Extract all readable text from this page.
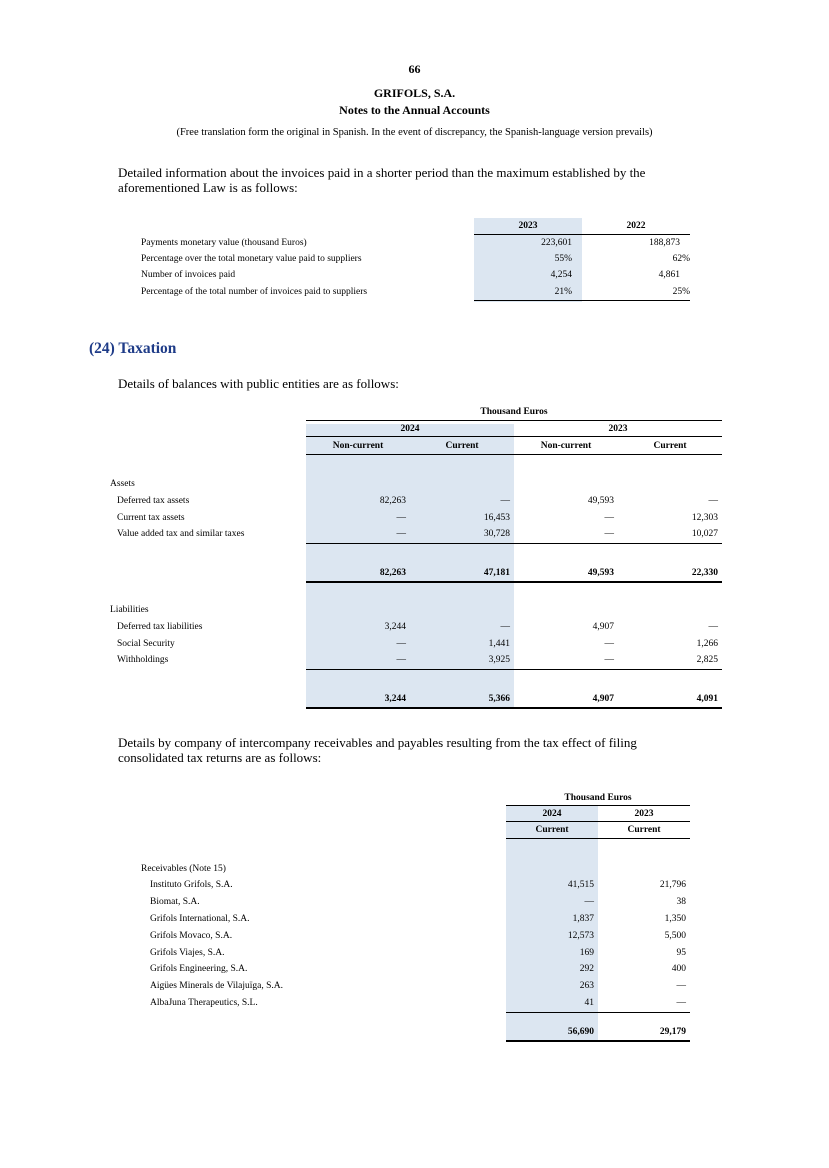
66
GRIFOLS, S.A.
Notes to the Annual Accounts
(Free translation form the original in Spanish. In the event of discrepancy, the Spanish-language version prevails)
Detailed information about the invoices paid in a shorter period than the maximum established by the
aforementioned Law is as follows:
2023	2022
Payments monetary value (thousand Euros)	223,601	188,873
Percentage over the total monetary value paid to suppliers	55%	62%
Number of invoices paid	4,254	4,861
Percentage of the total number of invoices paid to suppliers	21%	25%
(24) Taxation
Details of balances with public entities are as follows:
Thousand Euros
2024	2023
Non-current	Current	Non-current	Current
Assets
Deferred tax assets	82,263	—	49,593	—
Current tax assets	—	16,453	—	12,303
Value added tax and similar taxes	—	30,728	—	10,027
82,263	47,181	49,593	22,330
Liabilities
Deferred tax liabilities	3,244	—	4,907	—
Social Security	—	1,441	—	1,266
Withholdings	—	3,925	—	2,825
3,244	5,366	4,907	4,091
Details by company of intercompany receivables and payables resulting from the tax effect of filing
consolidated tax returns are as follows:
Thousand Euros
2024	2023
Current	Current
Receivables (Note 15)
Instituto Grifols, S.A.	41,515	21,796
Biomat, S.A.	—	38
Grifols International, S.A.	1,837	1,350
Grifols Movaco, S.A.	12,573	5,500
Grifols Viajes, S.A.	169	95
Grifols Engineering, S.A.	292	400
Aigües Minerals de Vilajuïga, S.A.	263	—
AlbaJuna Therapeutics, S.L.	41	—
56,690	29,179
